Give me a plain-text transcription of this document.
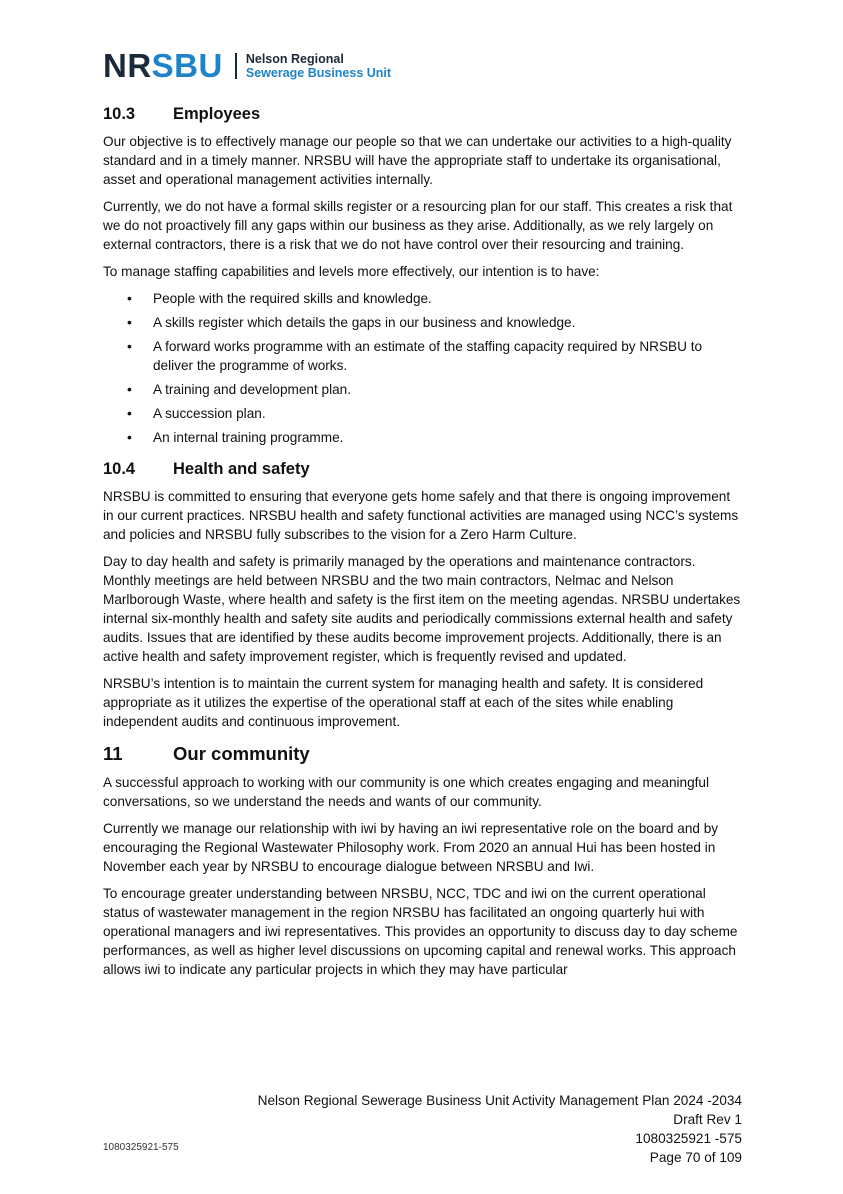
NRSBU Nelson Regional
Sewerage Business Unit
10.3	Employees

Our objective is to effectively manage our people so that we can undertake our activities to a high-quality standard and in a timely manner. NRSBU will have the appropriate staff to undertake its organisational, asset and operational management activities internally.

Currently, we do not have a formal skills register or a resourcing plan for our staff. This creates a risk that we do not proactively fill any gaps within our business as they arise. Additionally, as we rely largely on external contractors, there is a risk that we do not have control over their resourcing and training.

To manage staffing capabilities and levels more effectively, our intention is to have:

• People with the required skills and knowledge.
• A skills register which details the gaps in our business and knowledge.
• A forward works programme with an estimate of the staffing capacity required by NRSBU to deliver the programme of works.
• A training and development plan.
• A succession plan.
• An internal training programme.
10.4	Health and safety

NRSBU is committed to ensuring that everyone gets home safely and that there is ongoing improvement in our current practices. NRSBU health and safety functional activities are managed using NCC’s systems and policies and NRSBU fully subscribes to the vision for a Zero Harm Culture.

Day to day health and safety is primarily managed by the operations and maintenance contractors. Monthly meetings are held between NRSBU and the two main contractors, Nelmac and Nelson Marlborough Waste, where health and safety is the first item on the meeting agendas. NRSBU undertakes internal six-monthly health and safety site audits and periodically commissions external health and safety audits. Issues that are identified by these audits become improvement projects. Additionally, there is an active health and safety improvement register, which is frequently revised and updated.

NRSBU’s intention is to maintain the current system for managing health and safety. It is considered appropriate as it utilizes the expertise of the operational staff at each of the sites while enabling independent audits and continuous improvement.

11	Our community

A successful approach to working with our community is one which creates engaging and meaningful conversations, so we understand the needs and wants of our community.

Currently we manage our relationship with iwi by having an iwi representative role on the board and by encouraging the Regional Wastewater Philosophy work. From 2020 an annual Hui has been hosted in November each year by NRSBU to encourage dialogue between NRSBU and Iwi.

To encourage greater understanding between NRSBU, NCC, TDC and iwi on the current operational status of wastewater management in the region NRSBU has facilitated an ongoing quarterly hui with operational managers and iwi representatives. This provides an opportunity to discuss day to day scheme performances, as well as higher level discussions on upcoming capital and renewal works. This approach allows iwi to indicate any particular projects in which they may have particular

Nelson Regional Sewerage Business Unit Activity Management Plan 2024 -2034
Draft Rev 1
1080325921 -575
Page 70 of 109
1080325921-575
